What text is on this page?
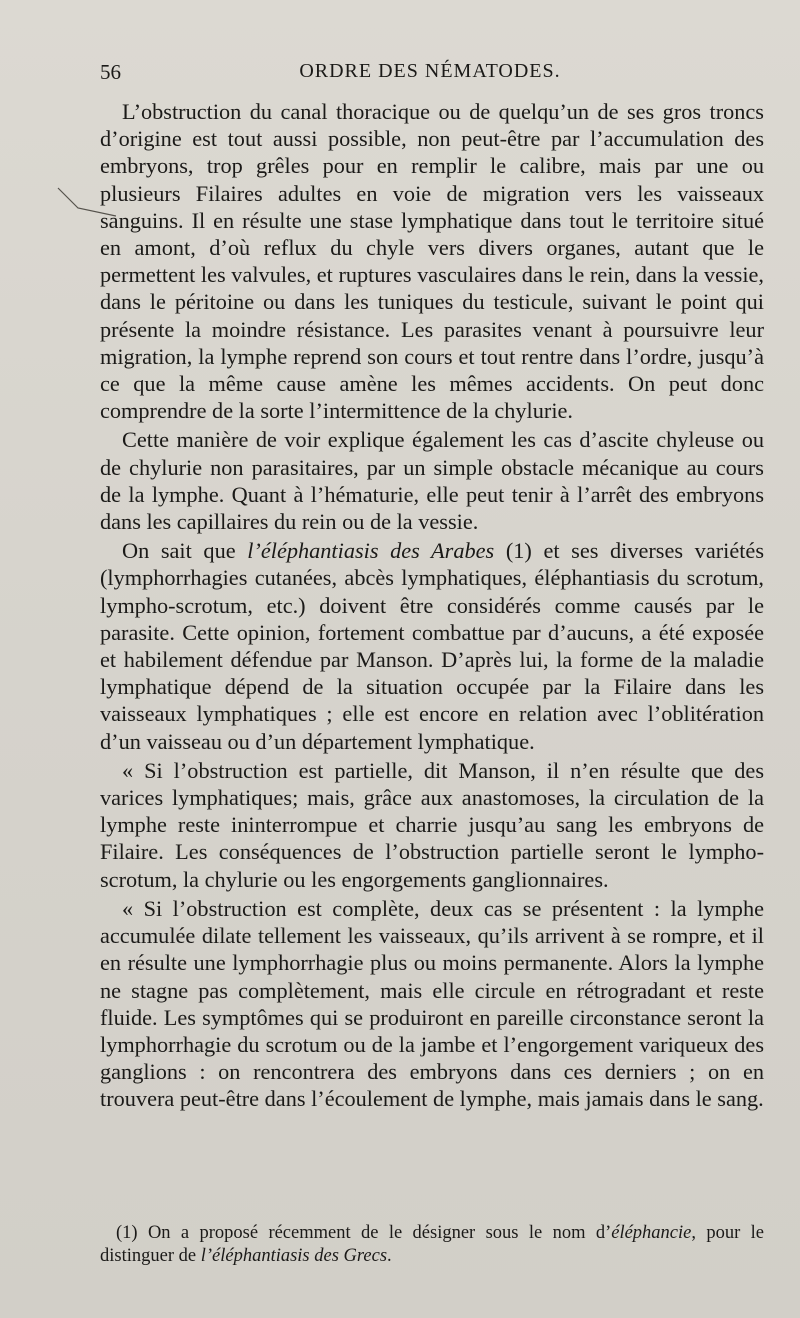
56	ORDRE DES NÉMATODES.

L’obstruction du canal thoracique ou de quelqu’un de ses gros troncs d’origine est tout aussi possible, non peut-être par l’accumulation des embryons, trop grêles pour en remplir le calibre, mais par une ou plusieurs Filaires adultes en voie de migration vers les vaisseaux sanguins. Il en résulte une stase lymphatique dans tout le territoire situé en amont, d’où reflux du chyle vers divers organes, autant que le permettent les valvules, et ruptures vasculaires dans le rein, dans la vessie, dans le péritoine ou dans les tuniques du testicule, suivant le point qui présente la moindre résistance. Les parasites venant à poursuivre leur migration, la lymphe reprend son cours et tout rentre dans l’ordre, jusqu’à ce que la même cause amène les mêmes accidents. On peut donc comprendre de la sorte l’intermittence de la chylurie.

Cette manière de voir explique également les cas d’ascite chyleuse ou de chylurie non parasitaires, par un simple obstacle mécanique au cours de la lymphe. Quant à l’hématurie, elle peut tenir à l’arrêt des embryons dans les capillaires du rein ou de la vessie.

On sait que l’éléphantiasis des Arabes (1) et ses diverses variétés (lymphorrhagies cutanées, abcès lymphatiques, éléphantiasis du scrotum, lympho-scrotum, etc.) doivent être considérés comme causés par le parasite. Cette opinion, fortement combattue par d’aucuns, a été exposée et habilement défendue par Manson. D’après lui, la forme de la maladie lymphatique dépend de la situation occupée par la Filaire dans les vaisseaux lymphatiques ; elle est encore en relation avec l’oblitération d’un vaisseau ou d’un département lymphatique.

« Si l’obstruction est partielle, dit Manson, il n’en résulte que des varices lymphatiques; mais, grâce aux anastomoses, la circulation de la lymphe reste ininterrompue et charrie jusqu’au sang les embryons de Filaire. Les conséquences de l’obstruction partielle seront le lympho-scrotum, la chylurie ou les engorgements ganglionnaires.

« Si l’obstruction est complète, deux cas se présentent : la lymphe accumulée dilate tellement les vaisseaux, qu’ils arrivent à se rompre, et il en résulte une lymphorrhagie plus ou moins permanente. Alors la lymphe ne stagne pas complètement, mais elle circule en rétrogradant et reste fluide. Les symptômes qui se produiront en pareille circonstance seront la lymphorrhagie du scrotum ou de la jambe et l’engorgement variqueux des ganglions : on rencontrera des embryons dans ces derniers ; on en trouvera peut-être dans l’écoulement de lymphe, mais jamais dans le sang.

(1) On a proposé récemment de le désigner sous le nom d’éléphancie, pour le distinguer de l’éléphantiasis des Grecs.
